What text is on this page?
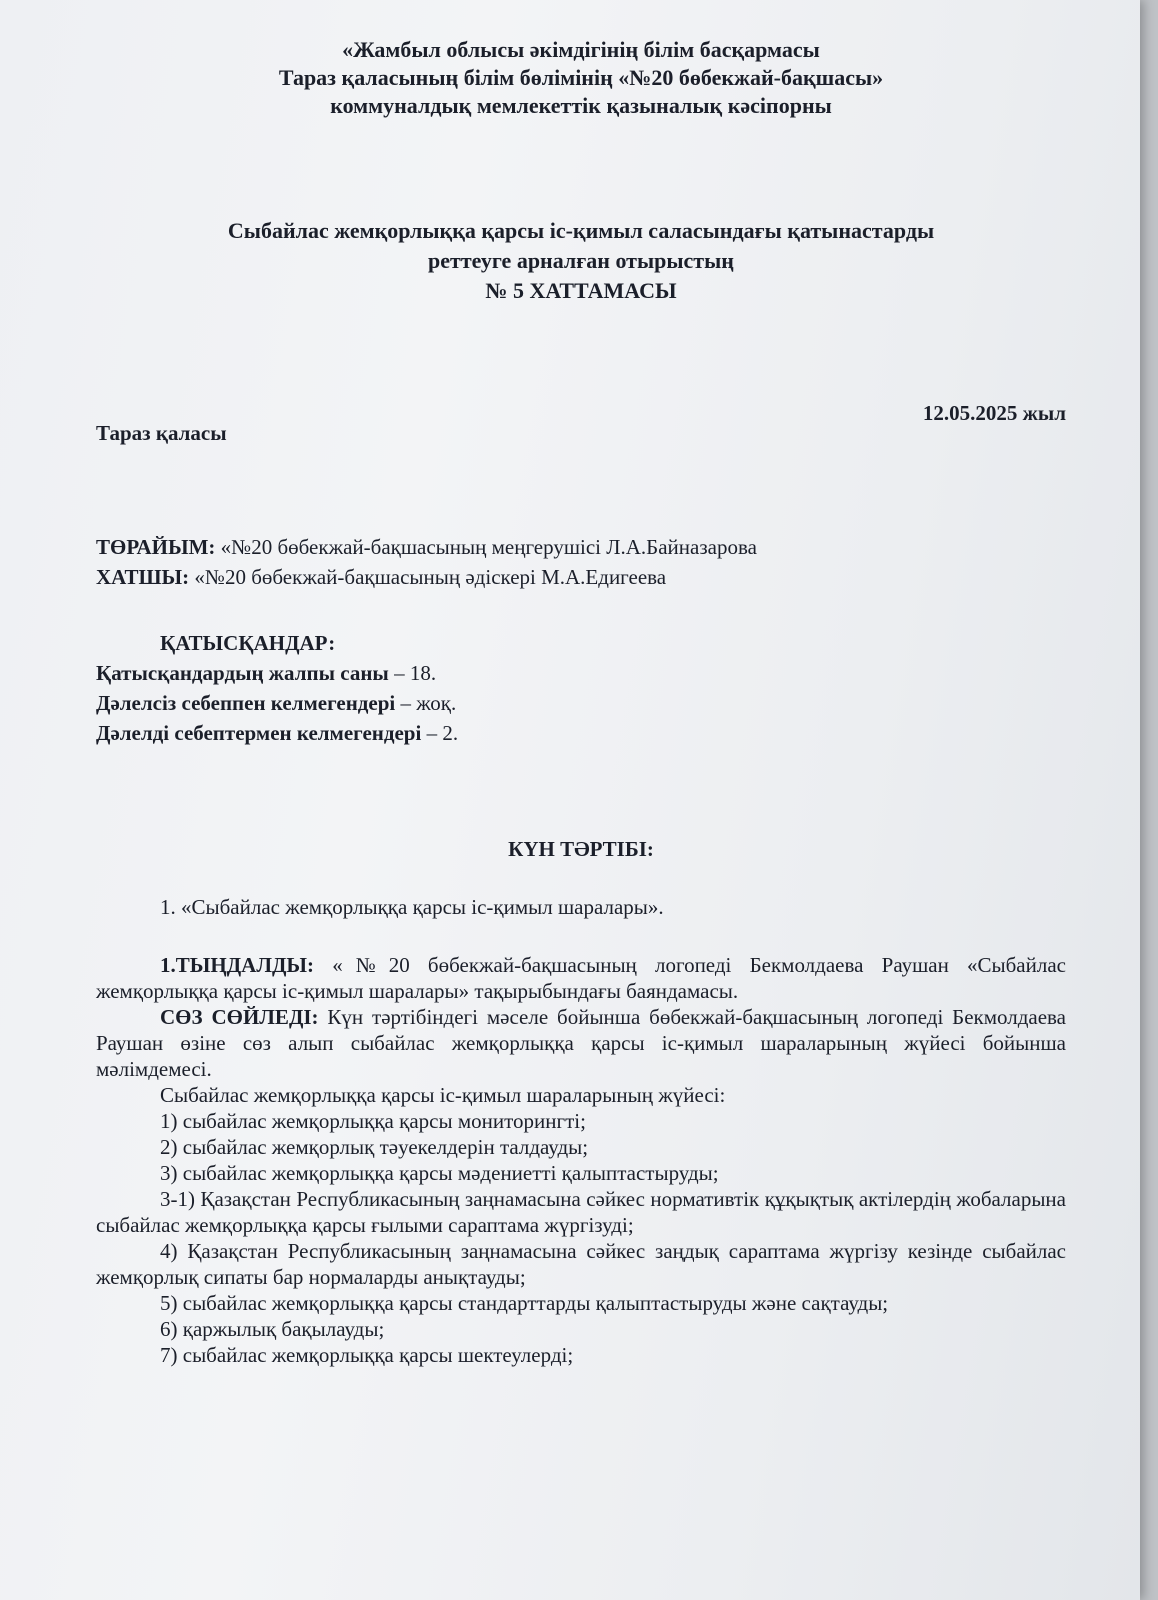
«Жамбыл облысы әкімдігінің білім басқармасы
Тараз қаласының білім бөлімінің «№20 бөбекжай-бақшасы»
коммуналдық мемлекеттік қазыналық кәсіпорны
Сыбайлас жемқорлыққа қарсы іс-қимыл саласындағы қатынастарды
реттеуге арналған отырыстың
№ 5 ХАТТАМАСЫ
Тараз қаласы
12.05.2025 жыл
ТӨРАЙЫМ: «№20 бөбекжай-бақшасының меңгерушісі Л.А.Байназарова
ХАТШЫ: «№20 бөбекжай-бақшасының әдіскері М.А.Едигеева
ҚАТЫСҚАНДАР:
Қатысқандардың жалпы саны – 18.
Дәлелсіз себеппен келмегендері – жоқ.
Дәлелді себептермен келмегендері – 2.
КҮН ТӘРТІБІ:
1. «Сыбайлас жемқорлыққа қарсы іс-қимыл шаралары».

1.ТЫҢДАЛДЫ: «№20 бөбекжай-бақшасының логопеді Бекмолдаева Раушан «Сыбайлас жемқорлыққа қарсы іс-қимыл шаралары» тақырыбындағы баяндамасы.

СӨЗ СӨЙЛЕДІ: Күн тәртібіндегі мәселе бойынша бөбекжай-бақшасының логопеді Бекмолдаева Раушан өзіне сөз алып сыбайлас жемқорлыққа қарсы іс-қимыл шараларының жүйесі бойынша мәлімдемесі.

Сыбайлас жемқорлыққа қарсы іс-қимыл шараларының жүйесі:

1) сыбайлас жемқорлыққа қарсы мониторингті;

2) сыбайлас жемқорлық тәуекелдерін талдауды;

3) сыбайлас жемқорлыққа қарсы мәдениетті қалыптастыруды;

3-1) Қазақстан Республикасының заңнамасына сәйкес нормативтік құқықтық актілердің жобаларына сыбайлас жемқорлыққа қарсы ғылыми сараптама жүргізуді;

4) Қазақстан Республикасының заңнамасына сәйкес заңдық сараптама жүргізу кезінде сыбайлас жемқорлық сипаты бар нормаларды анықтауды;

5) сыбайлас жемқорлыққа қарсы стандарттарды қалыптастыруды және сақтауды;

6) қаржылық бақылауды;

7) сыбайлас жемқорлыққа қарсы шектеулерді;
